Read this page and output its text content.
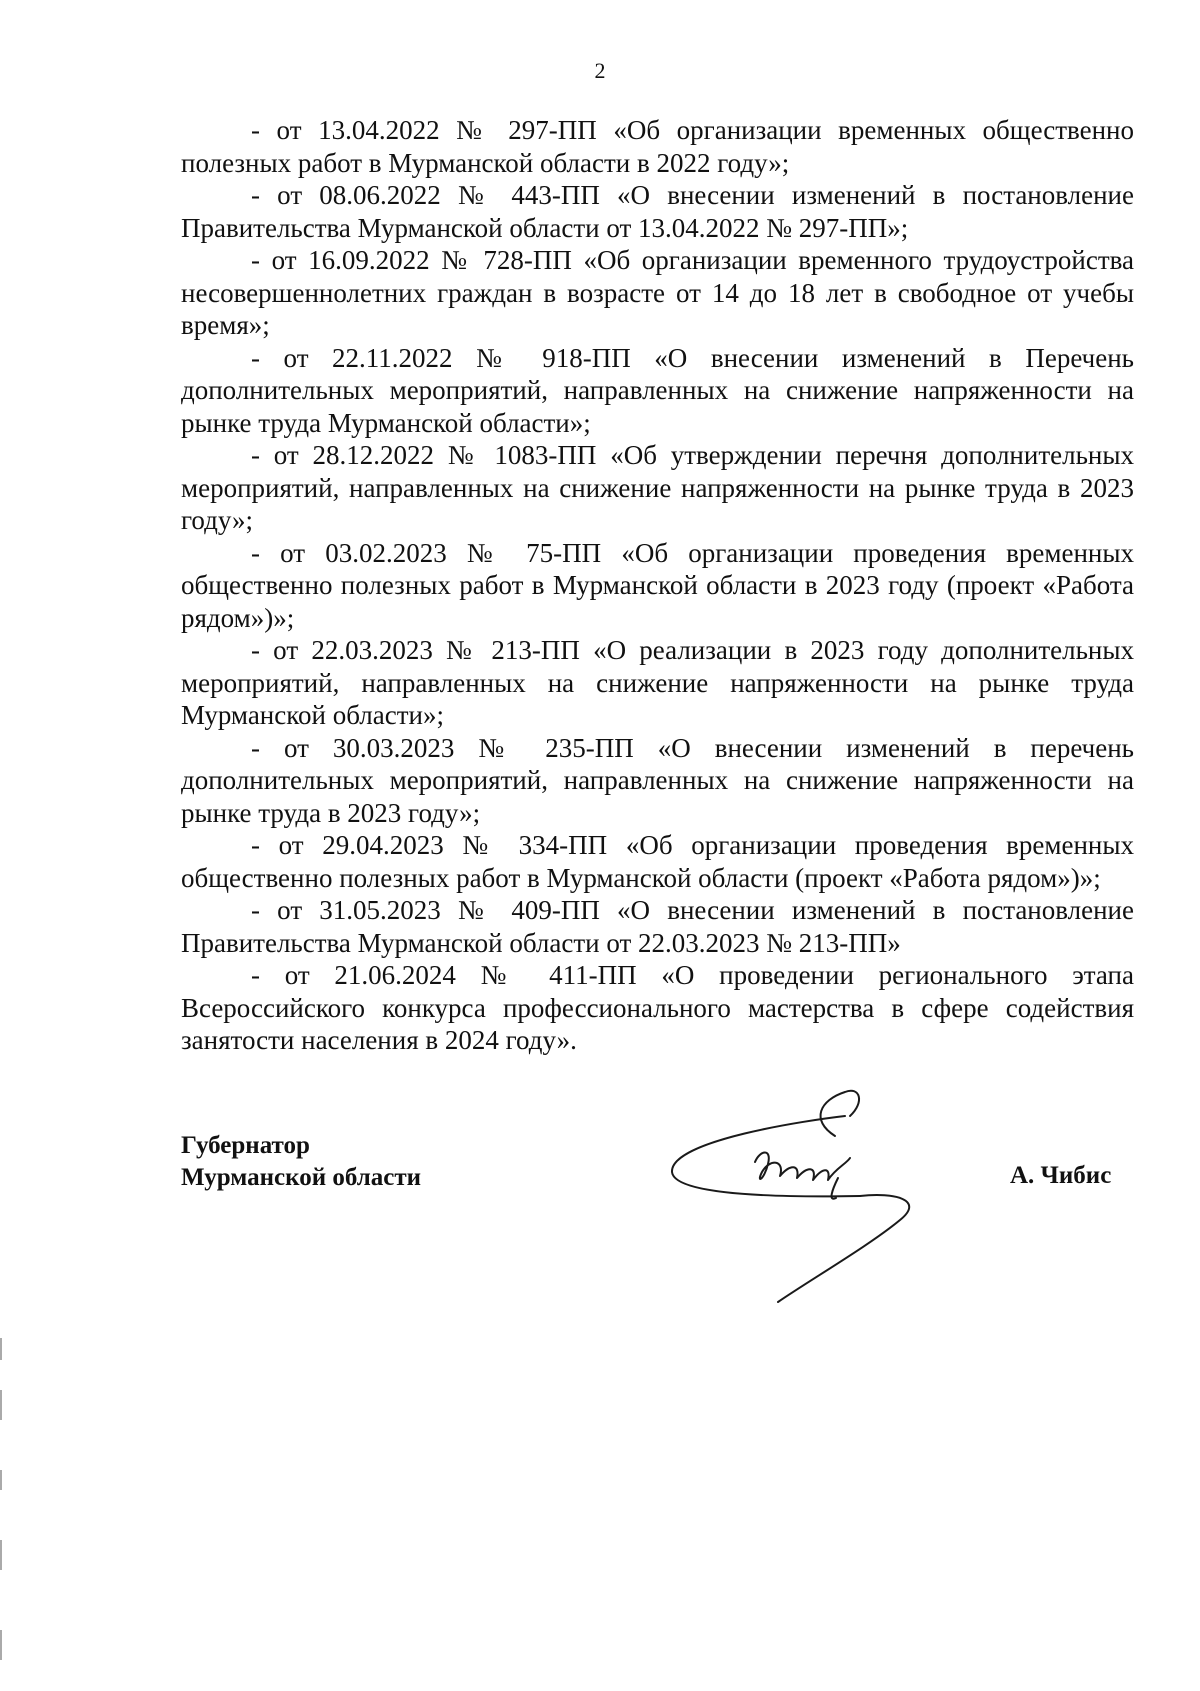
2

- от 13.04.2022 № 297-ПП «Об организации временных общественно полезных работ в Мурманской области в 2022 году»;

- от 08.06.2022 № 443-ПП «О внесении изменений в постановление Правительства Мурманской области от 13.04.2022 № 297-ПП»;

- от 16.09.2022 № 728-ПП «Об организации временного трудоустройства несовершеннолетних граждан в возрасте от 14 до 18 лет в свободное от учебы время»;

- от 22.11.2022 № 918-ПП «О внесении изменений в Перечень дополнительных мероприятий, направленных на снижение напряженности на рынке труда Мурманской области»;

- от 28.12.2022 № 1083-ПП «Об утверждении перечня дополнительных мероприятий, направленных на снижение напряженности на рынке труда в 2023 году»;

- от 03.02.2023 № 75-ПП «Об организации проведения временных общественно полезных работ в Мурманской области в 2023 году (проект «Работа рядом»)»;

- от 22.03.2023 № 213-ПП «О реализации в 2023 году дополнительных мероприятий, направленных на снижение напряженности на рынке труда Мурманской области»;

- от 30.03.2023 № 235-ПП «О внесении изменений в перечень дополнительных мероприятий, направленных на снижение напряженности на рынке труда в 2023 году»;

- от 29.04.2023 № 334-ПП «Об организации проведения временных общественно полезных работ в Мурманской области (проект «Работа рядом»)»;

- от 31.05.2023 № 409-ПП «О внесении изменений в постановление Правительства Мурманской области от 22.03.2023 № 213-ПП»

- от 21.06.2024 № 411-ПП «О проведении регионального этапа Всероссийского конкурса профессионального мастерства в сфере содействия занятости населения в 2024 году».

Губернатор
Мурманской области	А. Чибис
